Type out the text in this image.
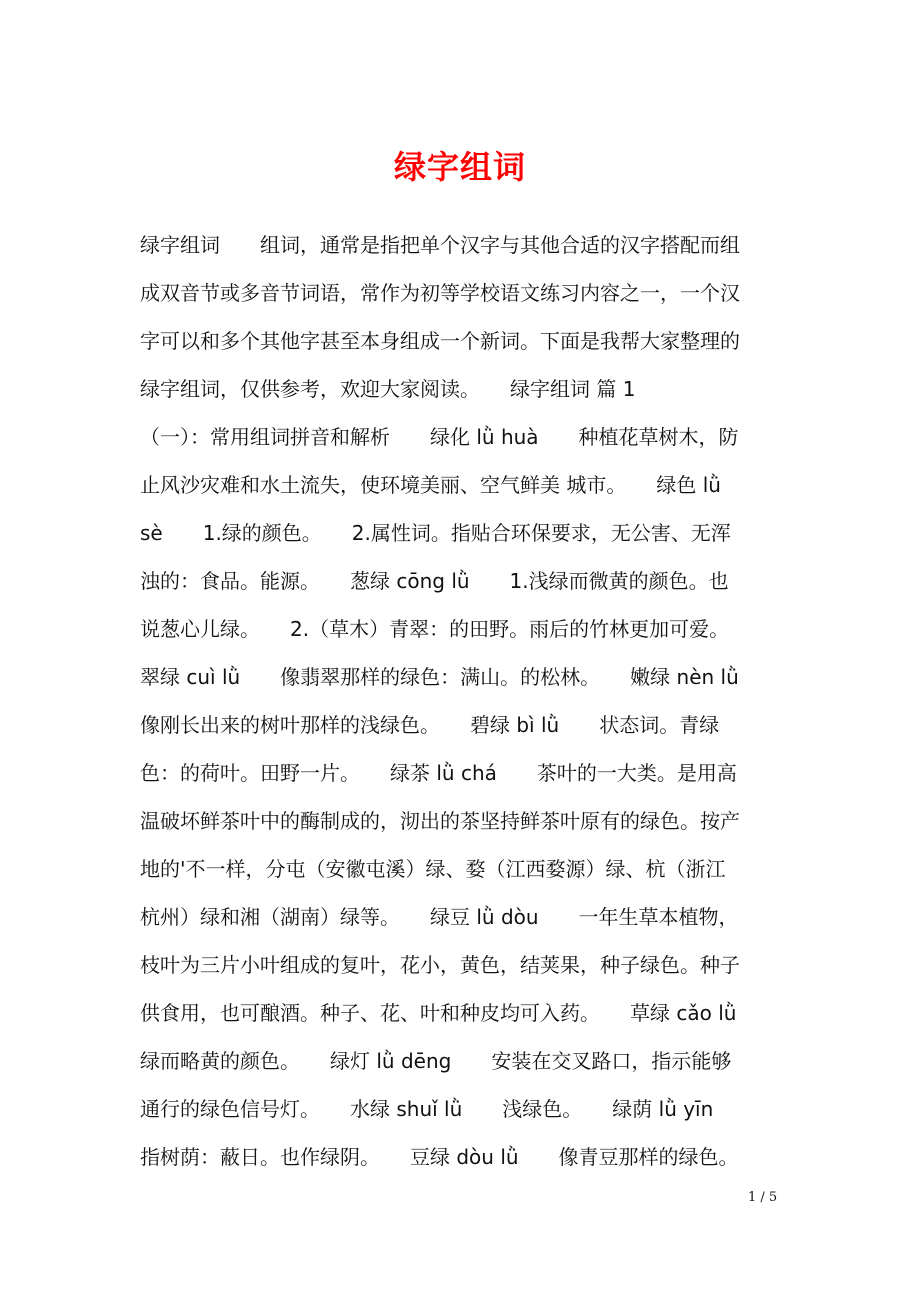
绿字组词
绿字组词　　组词，通常是指把单个汉字与其他合适的汉字搭配而组
成双音节或多音节词语，常作为初等学校语文练习内容之一，一个汉
字可以和多个其他字甚至本身组成一个新词。下面是我帮大家整理的
绿字组词，仅供参考，欢迎大家阅读。　　绿字组词 篇 1
（一）：常用组词拼音和解析　　绿化 lǜ huà　　种植花草树木，防
止风沙灾难和水土流失，使环境美丽、空气鲜美 城市。　　绿色 lǜ
sè　　1.绿的颜色。　　2.属性词。指贴合环保要求，无公害、无浑
浊的：食品。能源。　　葱绿 cōng lǜ　　1.浅绿而微黄的颜色。也
说葱心儿绿。　　2.（草木）青翠：的田野。雨后的竹林更加可爱。
翠绿 cuì lǜ　　像翡翠那样的绿色：满山。的松林。　　嫩绿 nèn lǜ
像刚长出来的树叶那样的浅绿色。　　碧绿 bì lǜ　　状态词。青绿
色：的荷叶。田野一片。　　绿茶 lǜ chá　　茶叶的一大类。是用高
温破坏鲜茶叶中的酶制成的，沏出的茶坚持鲜茶叶原有的绿色。按产
地的'不一样，分屯（安徽屯溪）绿、婺（江西婺源）绿、杭（浙江
杭州）绿和湘（湖南）绿等。　　绿豆 lǜ dòu　　一年生草本植物，
枝叶为三片小叶组成的复叶，花小，黄色，结荚果，种子绿色。种子
供食用，也可酿酒。种子、花、叶和种皮均可入药。　　草绿 cǎo lǜ
绿而略黄的颜色。　　绿灯 lǜ dēng　　安装在交叉路口，指示能够
通行的绿色信号灯。　　水绿 shuǐ lǜ　　浅绿色。　　绿荫 lǜ yīn
指树荫：蔽日。也作绿阴。　　豆绿 dòu lǜ　　像青豆那样的绿色。
1 / 5
